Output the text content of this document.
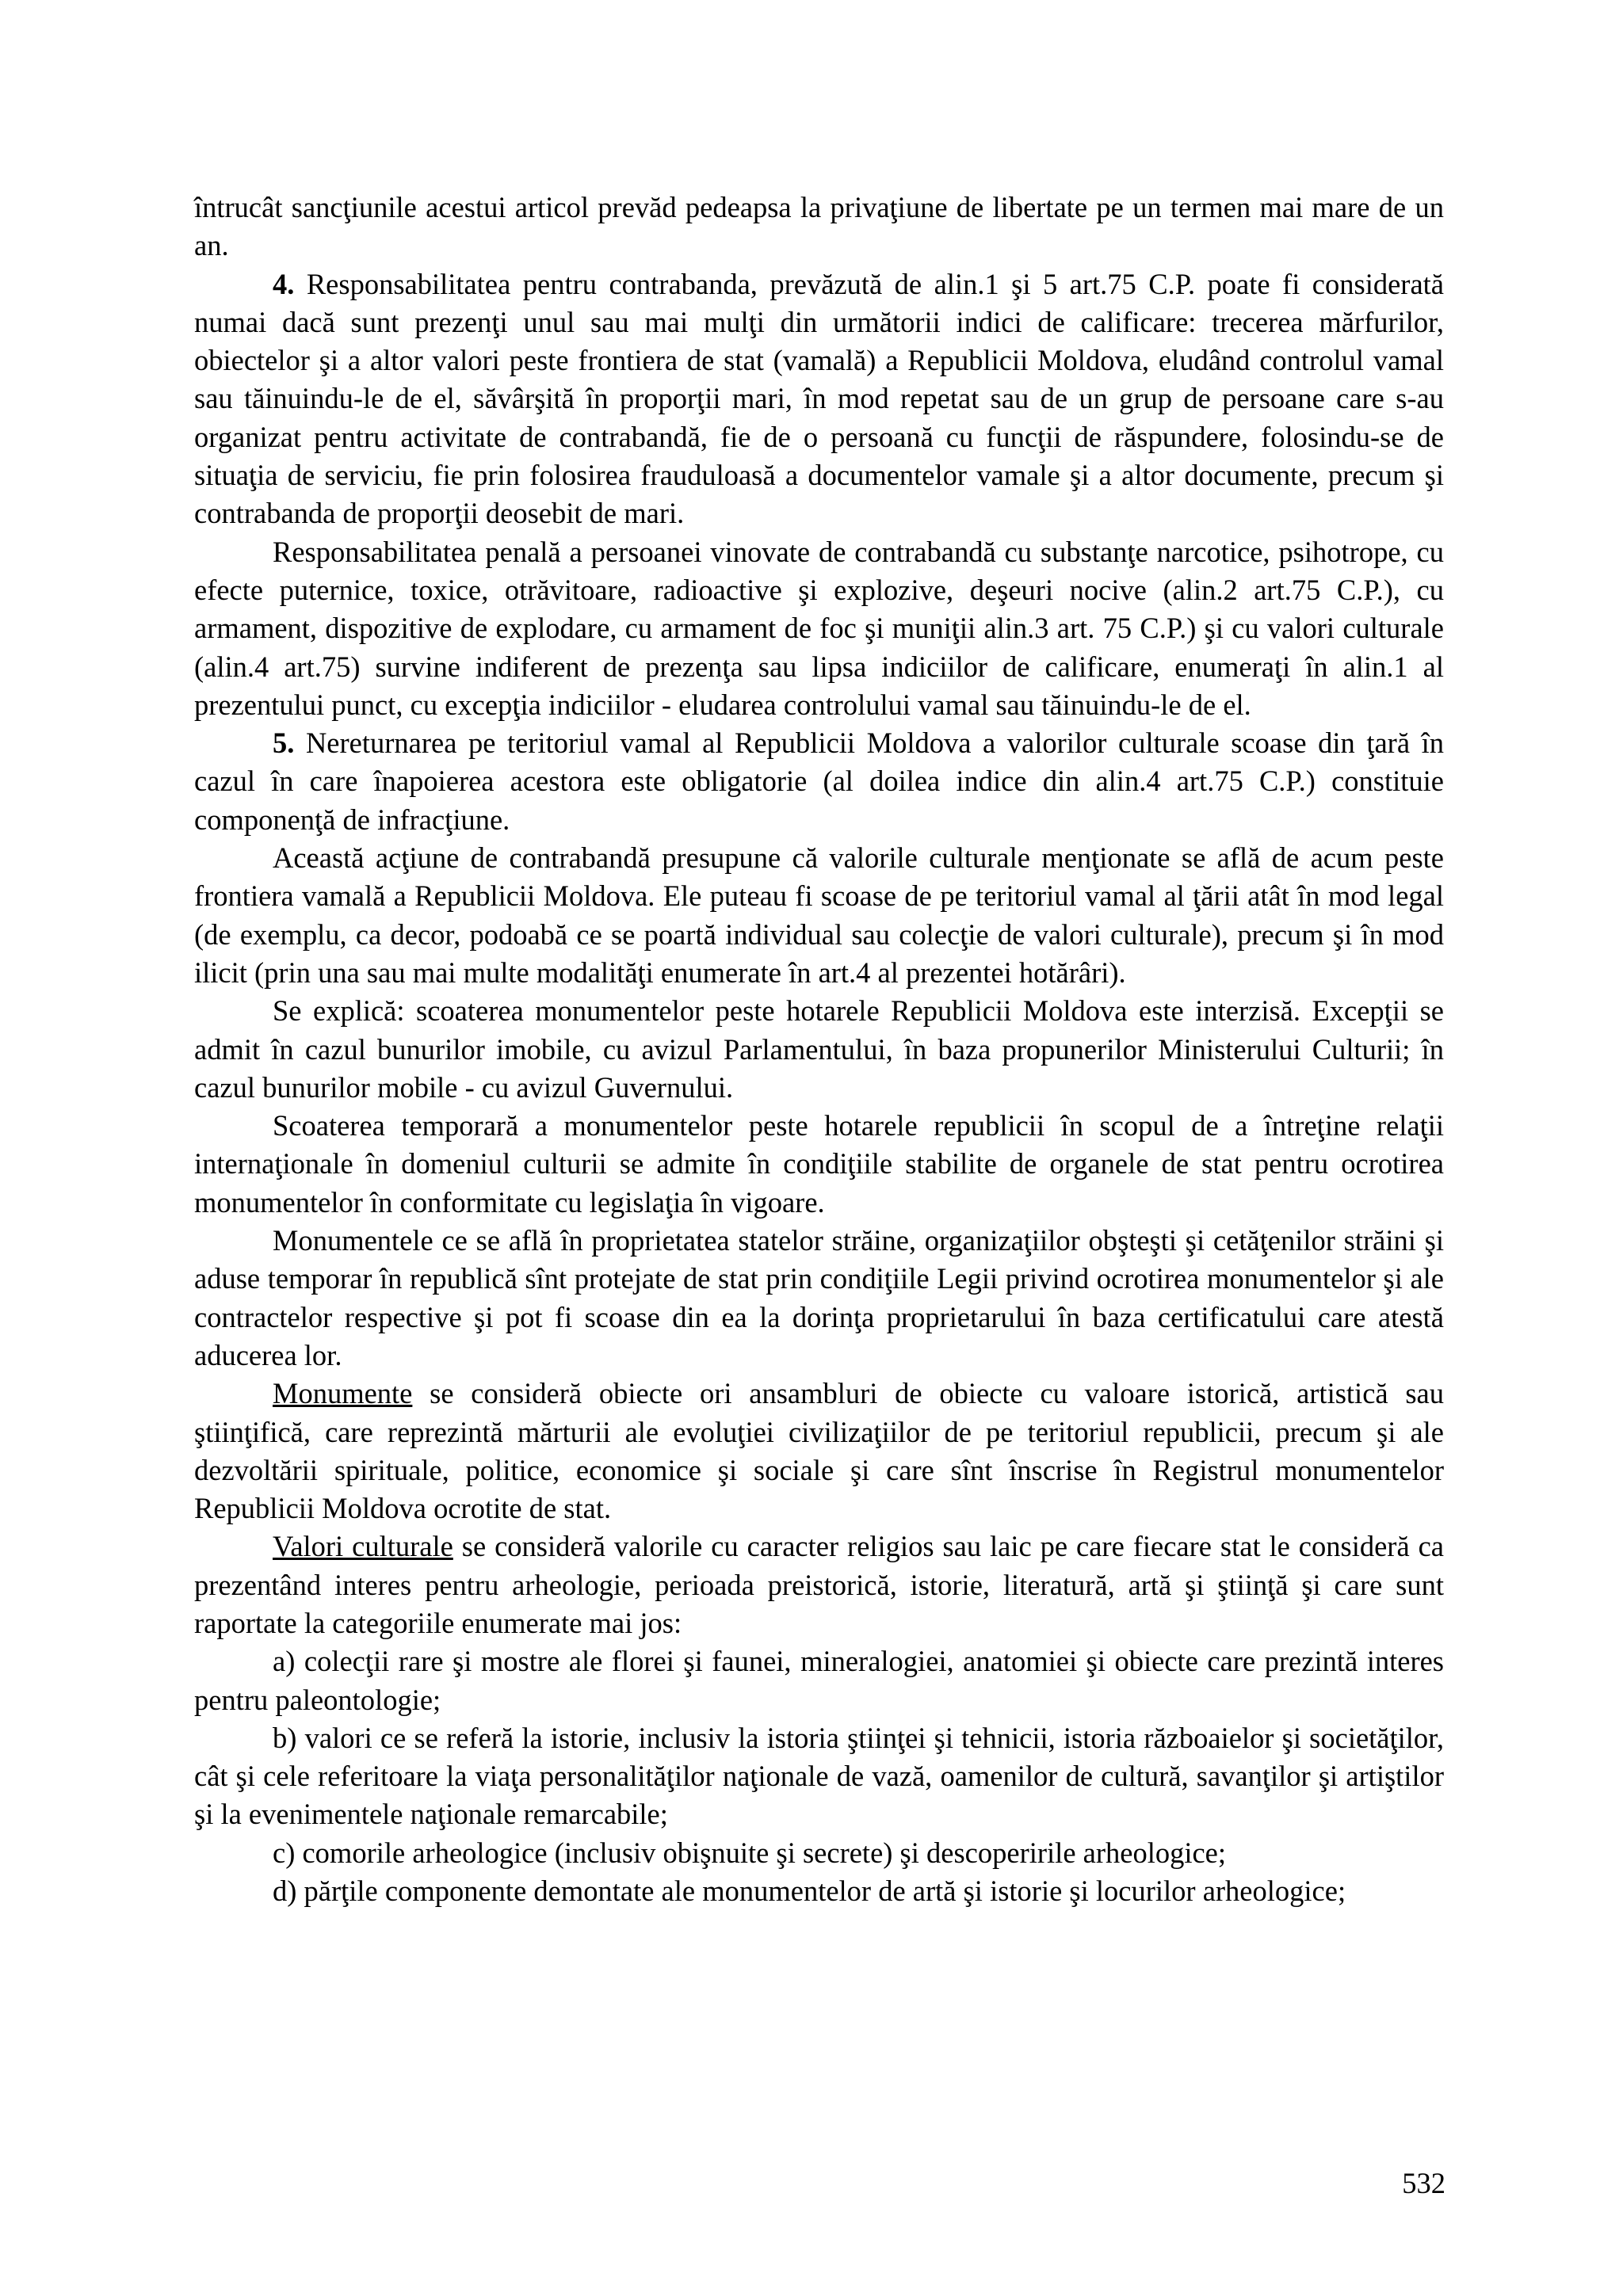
întrucât sancţiunile acestui articol prevăd pedeapsa la privaţiune de libertate pe un termen mai mare de un an.

4. Responsabilitatea pentru contrabanda, prevăzută de alin.1 şi 5 art.75 C.P. poate fi considerată numai dacă sunt prezenţi unul sau mai mulţi din următorii indici de calificare: trecerea mărfurilor, obiectelor şi a altor valori peste frontiera de stat (vamală) a Republicii Moldova, eludând controlul vamal sau tăinuindu-le de el, săvârşită în proporţii mari, în mod repetat sau de un grup de persoane care s-au organizat pentru activitate de contrabandă, fie de o persoană cu funcţii de răspundere, folosindu-se de situaţia de serviciu, fie prin folosirea frauduloasă a documentelor vamale şi a altor documente, precum şi contrabanda de proporţii deosebit de mari.

Responsabilitatea penală a persoanei vinovate de contrabandă cu substanţe narcotice, psihotrope, cu efecte puternice, toxice, otrăvitoare, radioactive şi explozive, deşeuri nocive (alin.2 art.75 C.P.), cu armament, dispozitive de explodare, cu armament de foc şi muniţii alin.3 art. 75 C.P.) şi cu valori culturale (alin.4 art.75) survine indiferent de prezenţa sau lipsa indiciilor de calificare, enumeraţi în alin.1 al prezentului punct, cu excepţia indiciilor - eludarea controlului vamal sau tăinuindu-le de el.

5. Nereturnarea pe teritoriul vamal al Republicii Moldova a valorilor culturale scoase din ţară în cazul în care înapoierea acestora este obligatorie (al doilea indice din alin.4 art.75 C.P.) constituie componenţă de infracţiune.

Această acţiune de contrabandă presupune că valorile culturale menţionate se află de acum peste frontiera vamală a Republicii Moldova. Ele puteau fi scoase de pe teritoriul vamal al ţării atât în mod legal (de exemplu, ca decor, podoabă ce se poartă individual sau colecţie de valori culturale), precum şi în mod ilicit (prin una sau mai multe modalităţi enumerate în art.4 al prezentei hotărâri).

Se explică: scoaterea monumentelor peste hotarele Republicii Moldova este interzisă. Excepţii se admit în cazul bunurilor imobile, cu avizul Parlamentului, în baza propunerilor Ministerului Culturii; în cazul bunurilor mobile - cu avizul Guvernului.

Scoaterea temporară a monumentelor peste hotarele republicii în scopul de a întreţine relaţii internaţionale în domeniul culturii se admite în condiţiile stabilite de organele de stat pentru ocrotirea monumentelor în conformitate cu legislaţia în vigoare.

Monumentele ce se află în proprietatea statelor străine, organizaţiilor obşteşti şi cetăţenilor străini şi aduse temporar în republică sînt protejate de stat prin condiţiile Legii privind ocrotirea monumentelor şi ale contractelor respective şi pot fi scoase din ea la dorinţa proprietarului în baza certificatului care atestă aducerea lor.

Monumente se consideră obiecte ori ansambluri de obiecte cu valoare istorică, artistică sau ştiinţifică, care reprezintă mărturii ale evoluţiei civilizaţiilor de pe teritoriul republicii, precum şi ale dezvoltării spirituale, politice, economice şi sociale şi care sînt înscrise în Registrul monumentelor Republicii Moldova ocrotite de stat.

Valori culturale se consideră valorile cu caracter religios sau laic pe care fiecare stat le consideră ca prezentând interes pentru arheologie, perioada preistorică, istorie, literatură, artă şi ştiinţă şi care sunt raportate la categoriile enumerate mai jos:

a) colecţii rare şi mostre ale florei şi faunei, mineralogiei, anatomiei şi obiecte care prezintă interes pentru paleontologie;

b) valori ce se referă la istorie, inclusiv la istoria ştiinţei şi tehnicii, istoria războaielor şi societăţilor, cât şi cele referitoare la viaţa personalităţilor naţionale de vază, oamenilor de cultură, savanţilor şi artiştilor şi la evenimentele naţionale remarcabile;

c) comorile arheologice (inclusiv obişnuite şi secrete) şi descoperirile arheologice;

d) părţile componente demontate ale monumentelor de artă şi istorie şi locurilor arheologice;

532
